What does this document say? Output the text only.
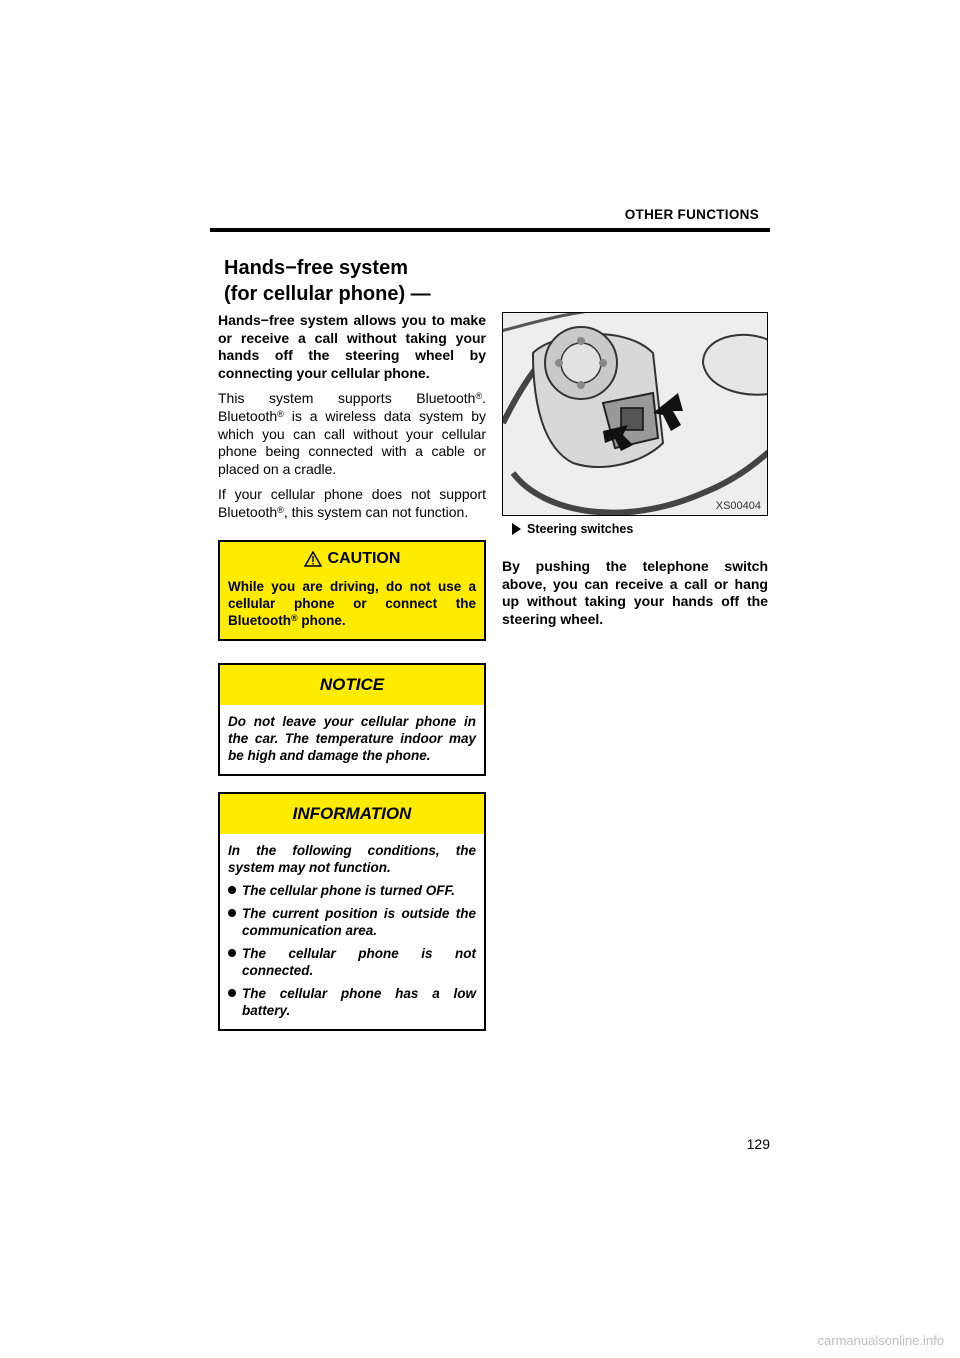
OTHER FUNCTIONS
Hands−free system
(for cellular phone) —

Hands−free system allows you to make or receive a call without taking your hands off the steering wheel by connecting your cellular phone.

This system supports Bluetooth®. Bluetooth® is a wireless data system by which you can call without your cellular phone being connected with a cable or placed on a cradle.

If your cellular phone does not support Bluetooth®, this system can not function.

CAUTION
While you are driving, do not use a cellular phone or connect the Bluetooth® phone.
NOTICE
Do not leave your cellular phone in the car. The temperature indoor may be high and damage the phone.
INFORMATION
In the following conditions, the system may not function.
The cellular phone is turned OFF.
The current position is outside the communication area.
The cellular phone is not connected.
The cellular phone has a low battery.
XS00404
Steering switches

By pushing the telephone switch above, you can receive a call or hang up without taking your hands off the steering wheel.

129
carmanualsonline.info
